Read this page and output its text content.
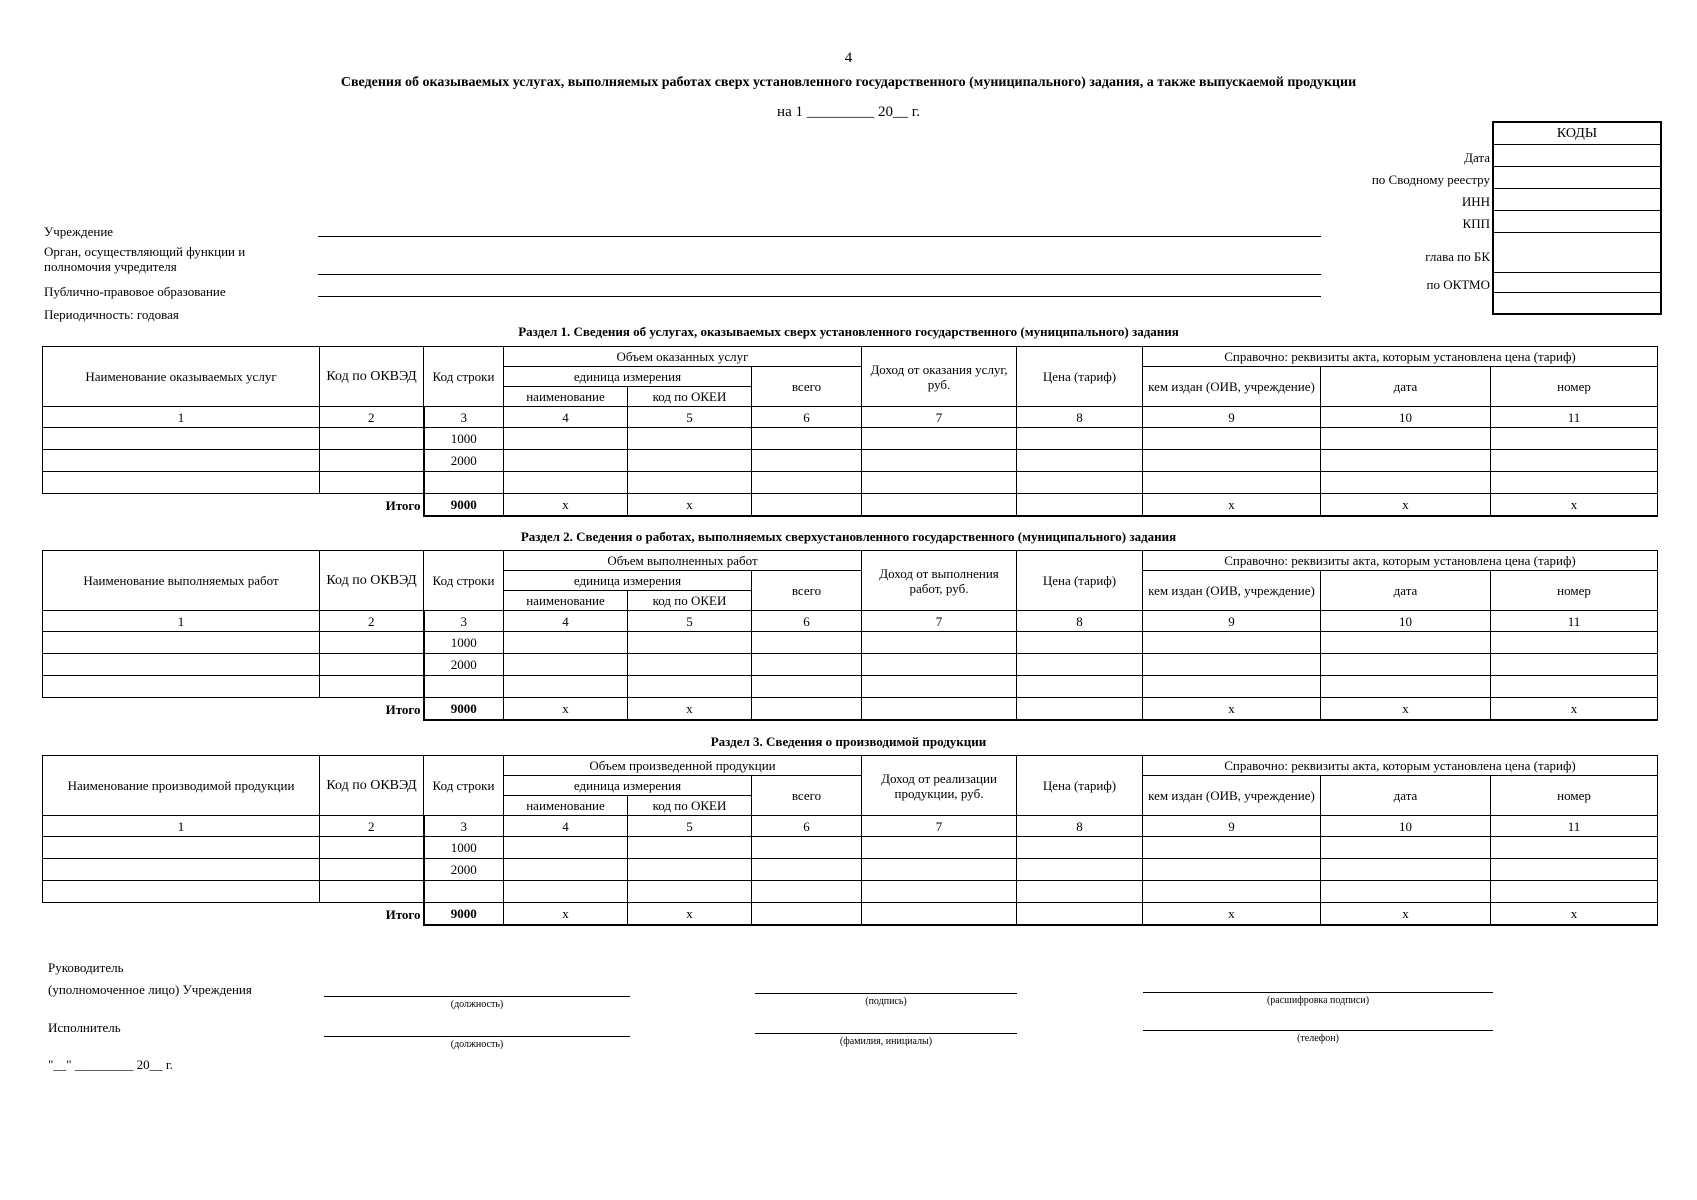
4
Сведения об оказываемых услугах, выполняемых работах сверх установленного государственного (муниципального) задания, а также выпускаемой продукции
на 1 _________ 20__ г.
КОДЫ
Дата
по Сводному реестру
ИНН
КПП
глава по БК
по ОКТМО
Учреждение
Орган, осуществляющий функции и полномочия учредителя
Публично-правовое образование
Периодичность: годовая
Раздел 1. Сведения об услугах, оказываемых сверх установленного государственного (муниципального) задания
Раздел 2. Сведения о работах, выполняемых сверхустановленного государственного (муниципального) задания
Раздел 3. Сведения о производимой продукции
Наименование оказываемых услуг	Код по ОКВЭД	Код строки	Объем оказанных услуг			Доход от оказания услуг, руб.	Цена (тариф)	Справочно: реквизиты акта, которым установлена цена (тариф)		
			единица измерения		всего			кем издан (ОИВ, учреждение)	дата	номер
			наименование	код по ОКЕИ						
1	2	3	4	5	6	7	8	9	10	11
		1000								
		2000								

Итого		9000	x	x				x	x	x
Наименование выполняемых работ	Код по ОКВЭД	Код строки	Объем выполненных работ			Доход от выполнения работ, руб.	Цена (тариф)	Справочно: реквизиты акта, которым установлена цена (тариф)		
			единица измерения		всего			кем издан (ОИВ, учреждение)	дата	номер
			наименование	код по ОКЕИ						
1	2	3	4	5	6	7	8	9	10	11
		1000								
		2000								

Итого		9000	x	x				x	x	x
Наименование производимой продукции	Код по ОКВЭД	Код строки	Объем произведенной продукции			Доход от реализации продукции, руб.	Цена (тариф)	Справочно: реквизиты акта, которым установлена цена (тариф)		
			единица измерения		всего			кем издан (ОИВ, учреждение)	дата	номер
			наименование	код по ОКЕИ						
1	2	3	4	5	6	7	8	9	10	11
		1000								
		2000								

Итого		9000	x	x				x	x	x
Руководитель
(уполномоченное лицо) Учреждения
Исполнитель
"__" _________ 20__ г.
(должность)	(подпись)	(расшифровка подписи)
(должность)	(фамилия, инициалы)	(телефон)
